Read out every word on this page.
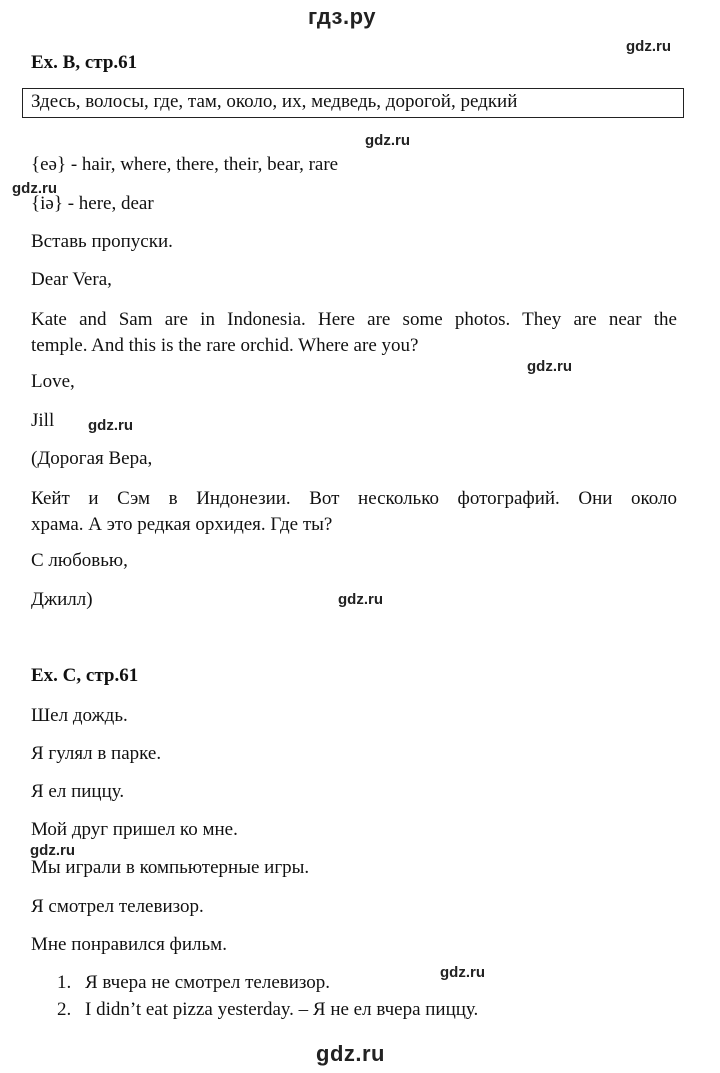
гдз.ру
gdz.ru
gdz.ru
gdz.ru
gdz.ru
gdz.ru
gdz.ru
gdz.ru
gdz.ru
Ex. B, стр.61
Здесь, волосы, где, там, около, их, медведь, дорогой, редкий
{eə} - hair, where, there, their, bear, rare
{iə} - here, dear
Вставь пропуски.
Dear Vera,
Kate and Sam are in Indonesia. Here are some photos. They are near the
temple. And this is the rare orchid. Where are you?
Love,
Jill
(Дорогая Вера,
Кейт и Сэм в Индонезии. Вот несколько фотографий. Они около
храма. А это редкая орхидея. Где ты?
С любовью,
Джилл)
Ex. C, стр.61
Шел дождь.
Я гулял в парке.
Я ел пиццу.
Мой друг пришел ко мне.
Мы играли в компьютерные игры.
Я смотрел телевизор.
Мне понравился фильм.
1. Я вчера не смотрел телевизор.
2. I didn’t eat pizza yesterday. – Я не ел вчера пиццу.
gdz.ru
